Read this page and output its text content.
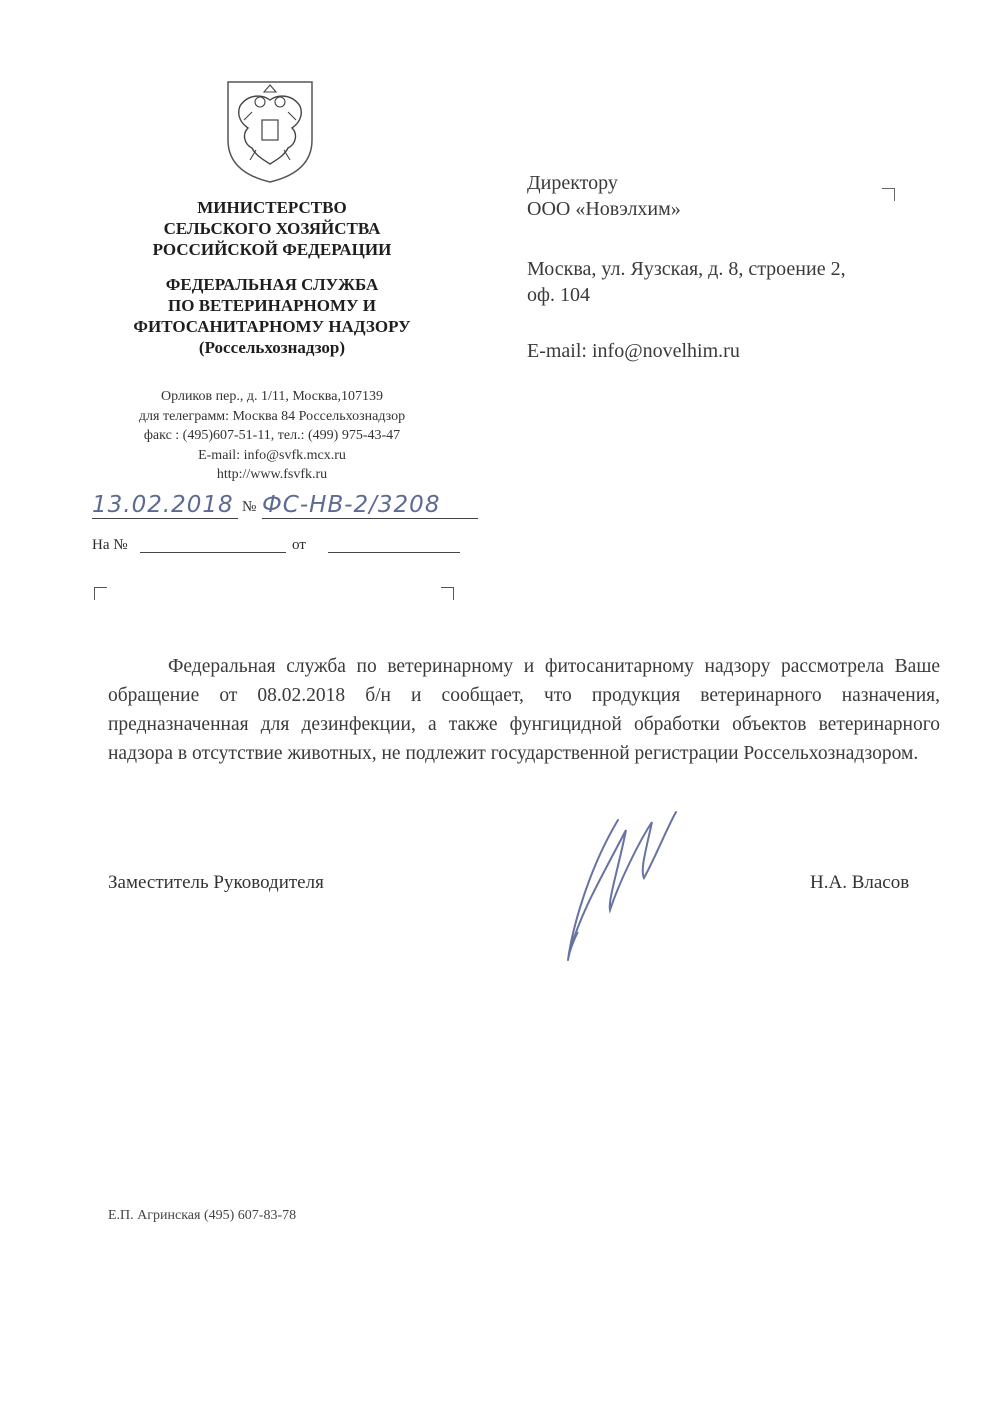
МИНИСТЕРСТВО
СЕЛЬСКОГО ХОЗЯЙСТВА
РОССИЙСКОЙ ФЕДЕРАЦИИ
ФЕДЕРАЛЬНАЯ СЛУЖБА
ПО ВЕТЕРИНАРНОМУ И
ФИТОСАНИТАРНОМУ НАДЗОРУ
(Россельхознадзор)
Орликов пер., д. 1/11, Москва,107139
для телеграмм: Москва 84 Россельхознадзор
факс : (495)607-51-11, тел.: (499) 975-43-47
E-mail: info@svfk.mcx.ru
http://www.fsvfk.ru
13.02.2018 № ФС-НВ-2/3208
На №	от
Директору
ООО «Новэлхим»
Москва, ул. Яузская, д. 8, строение 2,
оф. 104
E-mail: info@novelhim.ru
Федеральная служба по ветеринарному и фитосанитарному надзору рассмотрела Ваше обращение от 08.02.2018 б/н и сообщает, что продукция ветеринарного назначения, предназначенная для дезинфекции, а также фунгицидной обработки объектов ветеринарного надзора в отсутствие животных, не подлежит государственной регистрации Россельхознадзором.
Заместитель Руководителя	Н.А. Власов
Е.П. Агринская (495) 607-83-78
